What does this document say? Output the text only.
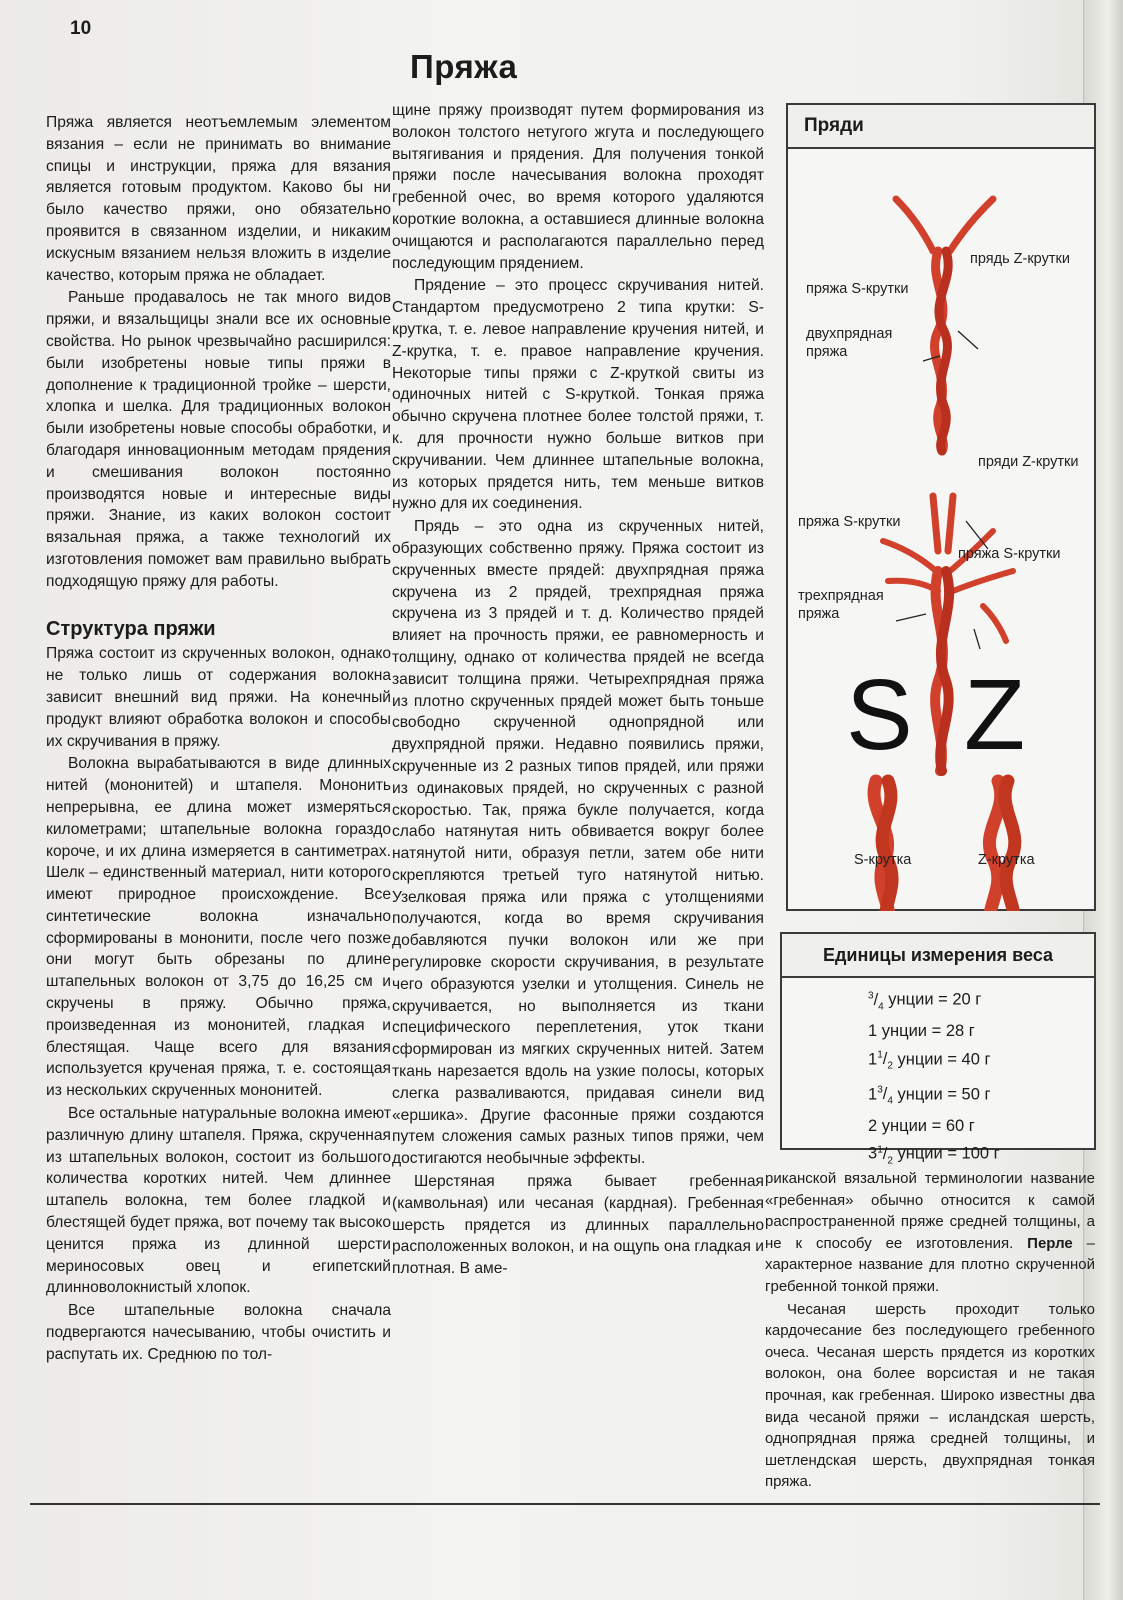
10
Пряжа

Пряжа является неотъемлемым элементом вязания – если не принимать во внимание спицы и инструкции, пряжа для вязания является готовым продуктом. Каково бы ни было качество пряжи, оно обязательно проявится в связанном изделии, и никаким искусным вязанием нельзя вложить в изделие качество, которым пряжа не обладает.

Раньше продавалось не так много видов пряжи, и вязальщицы знали все их основные свойства. Но рынок чрезвычайно расширился: были изобретены новые типы пряжи в дополнение к традиционной тройке – шерсти, хлопка и шелка. Для традиционных волокон были изобретены новые способы обработки, и благодаря инновационным методам прядения и смешивания волокон постоянно производятся новые и интересные виды пряжи. Знание, из каких волокон состоит вязальная пряжа, а также технологий их изготовления поможет вам правильно выбрать подходящую пряжу для работы.

Структура пряжи

Пряжа состоит из скрученных волокон, однако не только лишь от содержания волокна зависит внешний вид пряжи. На конечный продукт влияют обработка волокон и способы их скручивания в пряжу.

Волокна вырабатываются в виде длинных нитей (мононитей) и штапеля. Мононить непрерывна, ее длина может измеряться километрами; штапельные волокна гораздо короче, и их длина измеряется в сантиметрах. Шелк – единственный материал, нити которого имеют природное происхождение. Все синтетические волокна изначально сформированы в мононити, после чего позже они могут быть обрезаны по длине штапельных волокон от 3,75 до 16,25 см и скручены в пряжу. Обычно пряжа, произведенная из мононитей, гладкая и блестящая. Чаще всего для вязания используется крученая пряжа, т. е. состоящая из нескольких скрученных мононитей.

Все остальные натуральные волокна имеют различную длину штапеля. Пряжа, скрученная из штапельных волокон, состоит из большого количества коротких нитей. Чем длиннее штапель волокна, тем более гладкой и блестящей будет пряжа, вот почему так высоко ценится пряжа из длинной шерсти мериносовых овец и египетский длинноволокнистый хлопок.

Все штапельные волокна сначала подвергаются начесыванию, чтобы очистить и распутать их. Среднюю по тол-

щине пряжу производят путем формирования из волокон толстого нетугого жгута и последующего вытягивания и прядения. Для получения тонкой пряжи после начесывания волокна проходят гребенной очес, во время которого удаляются короткие волокна, а оставшиеся длинные волокна очищаются и располагаются параллельно перед последующим прядением.

Прядение – это процесс скручивания нитей. Стандартом предусмотрено 2 типа крутки: S-крутка, т. е. левое направление кручения нитей, и Z-крутка, т. е. правое направление кручения. Некоторые типы пряжи с Z-круткой свиты из одиночных нитей с S-круткой. Тонкая пряжа обычно скручена плотнее более толстой пряжи, т. к. для прочности нужно больше витков при скручивании. Чем длиннее штапельные волокна, из которых прядется нить, тем меньше витков нужно для их соединения.

Прядь – это одна из скрученных нитей, образующих собственно пряжу. Пряжа состоит из скрученных вместе прядей: двухпрядная пряжа скручена из 2 прядей, трехпрядная пряжа скручена из 3 прядей и т. д. Количество прядей влияет на прочность пряжи, ее равномерность и толщину, однако от количества прядей не всегда зависит толщина пряжи. Четырехпрядная пряжа из плотно скрученных прядей может быть тоньше свободно скрученной однопрядной или двухпрядной пряжи. Недавно появились пряжи, скрученные из 2 разных типов прядей, или пряжи из одинаковых прядей, но скрученных с разной скоростью. Так, пряжа букле получается, когда слабо натянутая нить обвивается вокруг более натянутой нити, образуя петли, затем обе нити скрепляются третьей туго натянутой нитью. Узелковая пряжа или пряжа с утолщениями получаются, когда во время скручивания добавляются пучки волокон или же при регулировке скорости скручивания, в результате чего образуются узелки и утолщения. Синель не скручивается, но выполняется из ткани специфического переплетения, уток ткани сформирован из мягких скрученных нитей. Затем ткань нарезается вдоль на узкие полосы, которых слегка разваливаются, придавая синели вид «ершика». Другие фасонные пряжи создаются путем сложения самых разных типов пряжи, чем достигаются необычные эффекты.

Шерстяная пряжа бывает гребенная (камвольная) или чесаная (кардная). Гребенная шерсть прядется из длинных параллельно расположенных волокон, и на ощупь она гладкая и плотная. В аме-

Пряди
прядь Z-крутки
пряжа S-крутки
двухпрядная пряжа
пряди Z-крутки
пряжа S-крутки
пряжа S-крутки
трехпрядная пряжа
S Z
S-крутка	Z-крутка
Единицы измерения веса
$^3/_4$ унции = 20 г
1 унции = 28 г
$1^1/_2$ унции = 40 г
$1^3/_4$ унции = 50 г
2 унции = 60 г
$3^1/_2$ унции = 100 г

риканской вязальной терминологии название «гребенная» обычно относится к самой распространенной пряже средней толщины, а не к способу ее изготовления. Перле – характерное название для плотно скрученной гребенной тонкой пряжи.

Чесаная шерсть проходит только кардочесание без последующего гребенного очеса. Чесаная шерсть прядется из коротких волокон, она более ворсистая и не такая прочная, как гребенная. Широко известны два вида чесаной пряжи – исландская шерсть, однопрядная пряжа средней толщины, и шетлендская шерсть, двухпрядная тонкая пряжа.
